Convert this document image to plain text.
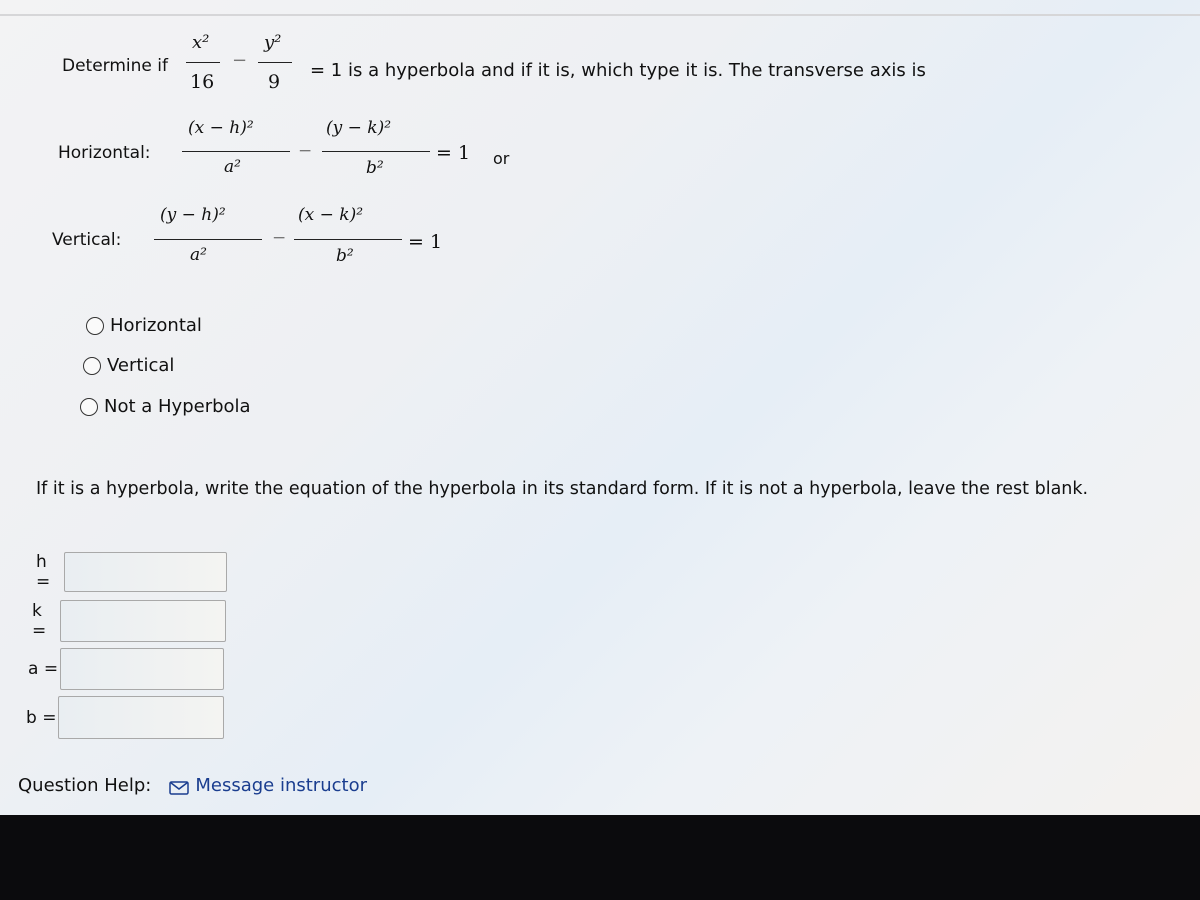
Determine if
x²
16
−
y²
9
= 1 is a hyperbola and if it is, which type it is. The transverse axis is
Horizontal:
(x − h)²
a²
−
(y − k)²
b²
= 1 or
Vertical:
(y − h)²
a²
−
(x − k)²
b²
= 1
Horizontal
Vertical
Not a Hyperbola
If it is a hyperbola, write the equation of the hyperbola in its standard form. If it is not a hyperbola, leave the rest blank.
h =
k =
a =
b =
Question Help: Message instructor
